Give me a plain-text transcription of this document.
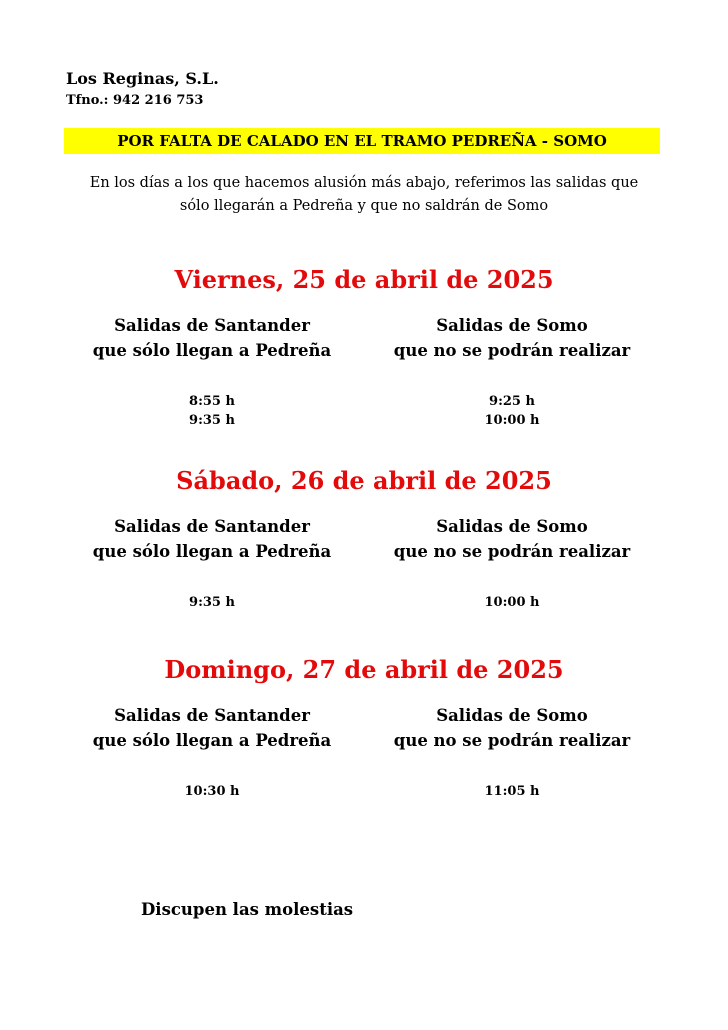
Los Reginas, S.L.
Tfno.: 942 216 753
POR FALTA DE CALADO EN EL TRAMO PEDREÑA - SOMO
En los días a los que hacemos alusión más abajo, referimos las salidas que
sólo llegarán a Pedreña y que no saldrán de Somo
Viernes, 25 de abril de 2025
Salidas de Santander
que sólo llegan a Pedreña
8:55 h
9:35 h
Salidas de Somo
que no se podrán realizar
9:25 h
10:00 h
Sábado, 26 de abril de 2025
Salidas de Santander
que sólo llegan a Pedreña
9:35 h
Salidas de Somo
que no se podrán realizar
10:00 h
Domingo, 27 de abril de 2025
Salidas de Santander
que sólo llegan a Pedreña
10:30 h
Salidas de Somo
que no se podrán realizar
11:05 h
Discupen las molestias
